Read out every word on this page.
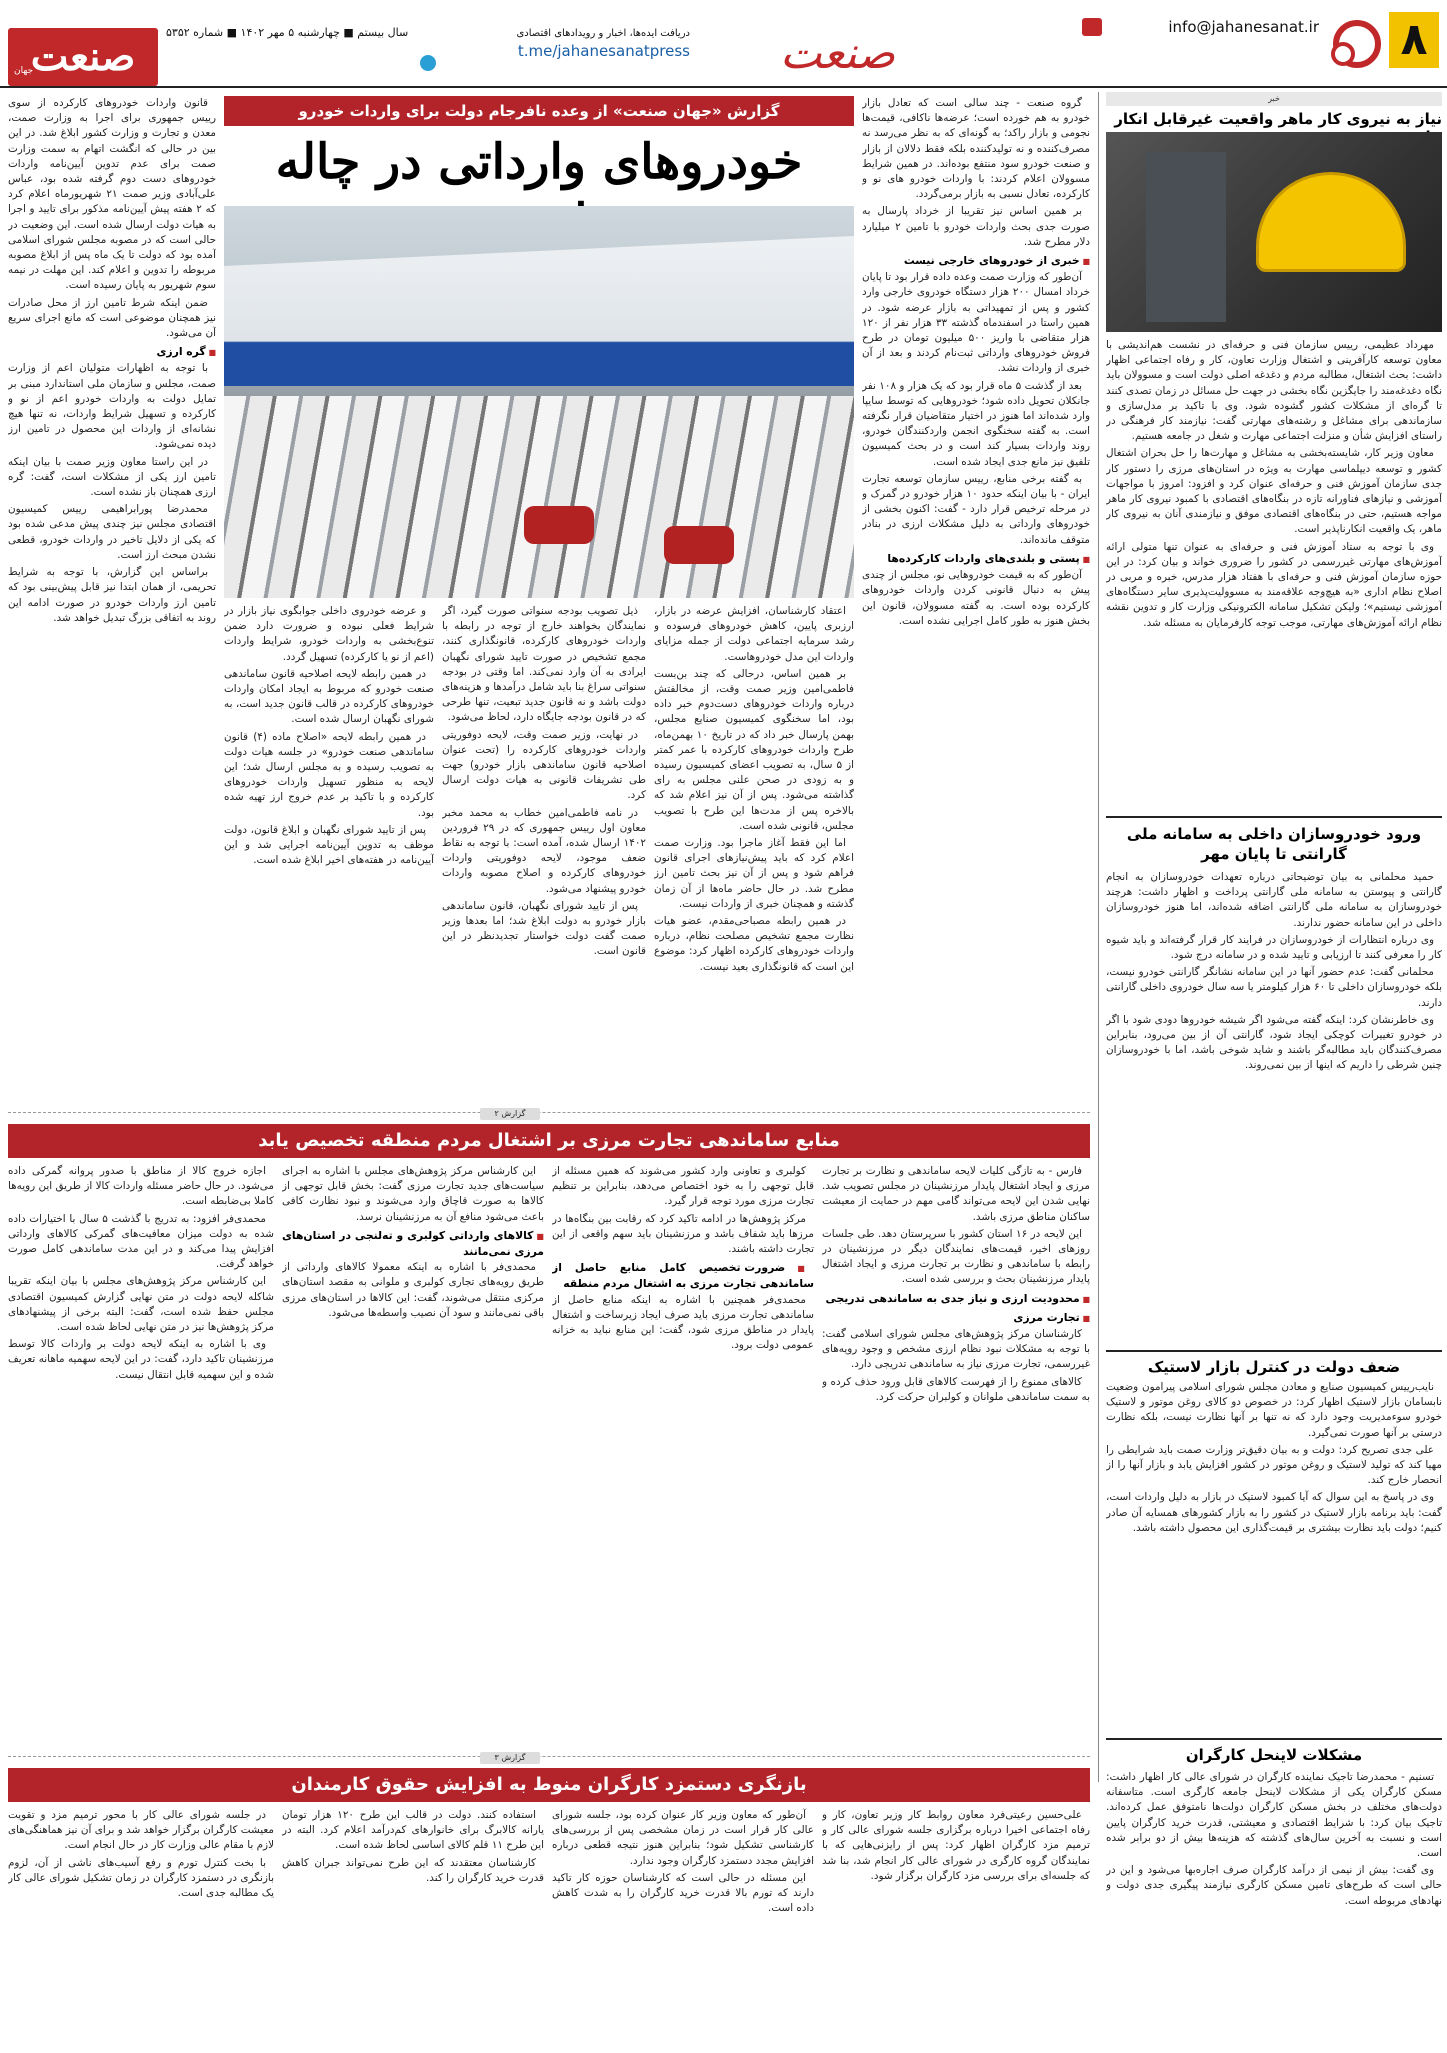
۸
info@jahanesanat.ir
صنعت
دریافت ایده‌ها، اخبار و رویدادهای اقتصادی
t.me/jahanesanatpress
سال بیستم ■ چهارشنبه ۵ مهر ۱۴۰۲ ■ شماره ۵۳۵۲
صنعت
جهان
خبر
نیاز به نیروی کار ماهر واقعیت غیرقابل انکار

مهرداد عظیمی، رییس سازمان فنی و حرفه‌ای در نشست هم‌اندیشی با معاون توسعه کارآفرینی و اشتغال وزارت تعاون، کار و رفاه اجتماعی اظهار داشت: بحث اشتغال، مطالبه مردم و دغدغه اصلی دولت است و مسوولان باید نگاه دغدغه‌مند را جایگزین نگاه بخشی در جهت حل مسائل در زمان تصدی کنند تا گره‌ای از مشکلات کشور گشوده شود. وی با تاکید بر مدل‌سازی و سازماندهی برای مشاغل و رشته‌های مهارتی گفت: نیازمند کار فرهنگی در راستای افزایش شأن و منزلت اجتماعی مهارت و شغل در جامعه هستیم.

معاون وزیر کار، شایسته‌بخشی به مشاغل و مهارت‌ها را حل بحران اشتغال کشور و توسعه دیپلماسی مهارت به ویژه در استان‌های مرزی را دستور کار جدی سازمان آموزش فنی و حرفه‌ای عنوان کرد و افزود: امروز با مواجهات آموزشی و نیازهای فناورانه تازه در بنگاه‌های اقتصادی با کمبود نیروی کار ماهر مواجه هستیم، حتی در بنگاه‌های اقتصادی موفق و نیازمندی آنان به نیروی کار ماهر، یک واقعیت انکارناپذیر است.

وی با توجه به ستاد آموزش فنی و حرفه‌ای به عنوان تنها متولی ارائه آموزش‌های مهارتی غیررسمی در کشور را ضروری خواند و بیان کرد: در این حوزه سازمان آموزش فنی و حرفه‌ای با هفتاد هزار مدرس، خبره و مربی در اصلاح نظام اداری «به هیچ‌وجه علاقه‌مند به مسوولیت‌پذیری سایر دستگاه‌های آموزشی نیستیم»؛ ولیکن تشکیل سامانه الکترونیکی وزارت کار و تدوین نقشه نظام ارائه آموزش‌های مهارتی، موجب توجه کارفرمایان به مسئله شد.

ورود خودروسازان داخلی به سامانه ملی گارانتی تا پایان مهر

حمید محلمانی به بیان توضیحاتی درباره تعهدات خودروسازان به انجام گارانتی و پیوستن به سامانه ملی گارانتی پرداخت و اظهار داشت: هرچند خودروسازان به سامانه ملی گارانتی اضافه شده‌اند، اما هنوز خودروسازان داخلی در این سامانه حضور ندارند.

وی درباره انتظارات از خودروسازان در فرایند کار قرار گرفته‌اند و باید شیوه کار را معرفی کنند تا ارزیابی و تایید شده و در سامانه درج شود.

محلمانی گفت: عدم حضور آنها در این سامانه نشانگر گارانتی خودرو نیست، بلکه خودروسازان داخلی تا ۶۰ هزار کیلومتر یا سه سال خودروی داخلی گارانتی دارند.

وی خاطرنشان کرد: اینکه گفته می‌شود اگر شیشه خودروها دودی شود با اگر در خودرو تغییرات کوچکی ایجاد شود، گارانتی آن از بین می‌رود، بنابراین مصرف‌کنندگان باید مطالبه‌گر باشند و شاید شوخی باشد، اما با خودروسازان چنین شرطی را داریم که اینها از بین نمی‌روند.

ضعف دولت در کنترل بازار لاستیک

نایب‌رییس کمیسیون صنایع و معادن مجلس شورای اسلامی پیرامون وضعیت نابسامان بازار لاستیک اظهار کرد: در خصوص دو کالای روغن موتور و لاستیک خودرو سوءمدیریت وجود دارد که نه تنها بر آنها نظارت نیست، بلکه نظارت درستی بر آنها صورت نمی‌گیرد.

علی جدی تصریح کرد: دولت و به بیان دقیق‌تر وزارت صمت باید شرایطی را مهیا کند که تولید لاستیک و روغن موتور در کشور افزایش یابد و بازار آنها را از انحصار خارج کند.

وی در پاسخ به این سوال که آیا کمبود لاستیک در بازار به دلیل واردات است، گفت: باید برنامه بازار لاستیک در کشور را به بازار کشورهای همسایه آن صادر کنیم؛ دولت باید نظارت بیشتری بر قیمت‌گذاری این محصول داشته باشد.

مشکلات لاینحل کارگران

تسنیم - محمدرضا تاجیک نماینده کارگران در شورای عالی کار اظهار داشت: مسکن کارگران یکی از مشکلات لاینحل جامعه کارگری است. متاسفانه دولت‌های مختلف در بخش مسکن کارگران دولت‌ها نامتوفق عمل کرده‌اند. تاجیک بیان کرد: با شرایط اقتصادی و معیشتی، قدرت خرید کارگران پایین است و نسبت به آخرین سال‌های گذشته که هزینه‌ها بیش از دو برابر شده است.

وی گفت: بیش از نیمی از درآمد کارگران صرف اجاره‌بها می‌شود و این در حالی است که طرح‌های تامین مسکن کارگری نیازمند پیگیری جدی دولت و نهادهای مربوطه است.

گزارش «جهان صنعت» از وعده نافرجام دولت برای واردات خودرو
خودروهای وارداتی در چاله

گروه صنعت - چند سالی است که تعادل بازار خودرو به هم خورده است؛ عرضه‌ها ناکافی، قیمت‌ها نجومی و بازار راکد؛ به گونه‌ای که به نظر می‌رسد نه مصرف‌کننده و نه تولیدکننده بلکه فقط دلالان از بازار و صنعت خودرو سود منتفع بوده‌اند. در همین شرایط مسوولان اعلام کردند: با واردات خودرو های نو و کارکرده، تعادل نسبی به بازار برمی‌گردد.

بر همین اساس نیز تقریبا از خرداد پارسال به صورت جدی بحث واردات خودرو با تامین ۲ میلیارد دلار مطرح شد.

■ خبری از خودروهای خارجی نیست

آن‌طور که وزارت صمت وعده داده قرار بود تا پایان خرداد امسال ۲۰۰ هزار دستگاه خودروی خارجی وارد کشور و پس از تمهیداتی به بازار عرضه شود. در همین راستا در اسفندماه گذشته ۳۳ هزار نفر از ۱۲۰ هزار متقاضی با واریز ۵۰۰ میلیون تومان در طرح فروش خودروهای وارداتی ثبت‌نام کردند و بعد از آن خبری از واردات نشد.

بعد از گذشت ۵ ماه قرار بود که یک هزار و ۱۰۸ نفر جانکلان تحویل داده شود؛ خودروهایی که توسط سایپا وارد شده‌اند اما هنوز در اختیار متقاضیان قرار نگرفته است. به گفته سخنگوی انجمن واردکنندگان خودرو، روند واردات بسیار کند است و در بحث کمیسیون تلفیق نیز مانع جدی ایجاد شده است.

به گفته برخی منابع، رییس سازمان توسعه تجارت ایران - با بیان اینکه حدود ۱۰ هزار خودرو در گمرک و در مرحله ترخیص قرار دارد - گفت: اکنون بخشی از خودروهای وارداتی به دلیل مشکلات ارزی در بنادر متوقف مانده‌اند.

■ پستی و بلندی‌های واردات کارکرده‌ها

آن‌طور که به قیمت خودروهایی نو، مجلس از چندی پیش به دنبال قانونی کردن واردات خودروهای کارکرده بوده است. به گفته مسوولان، قانون این بخش هنوز به طور کامل اجرایی نشده است.

اعتقاد کارشناسان، افزایش عرضه در بازار، ارزبری پایین، کاهش خودروهای فرسوده و رشد سرمایه اجتماعی دولت از جمله مزایای واردات این مدل خودروهاست.

بر همین اساس، درحالی که چند بن‌بست فاطمی‌امین وزیر صمت وقت، از مخالفتش درباره واردات خودروهای دست‌دوم خبر داده بود، اما سخنگوی کمیسیون صنایع مجلس، بهمن پارسال خبر داد که در تاریخ ۱۰ بهمن‌ماه، طرح واردات خودروهای کارکرده با عمر کمتر از ۵ سال، به تصویب اعضای کمیسیون رسیده و به زودی در صحن علنی مجلس به رای گذاشته می‌شود. پس از آن نیز اعلام شد که بالاخره پس از مدت‌ها این طرح با تصویب مجلس، قانونی شده است.

اما این فقط آغاز ماجرا بود. وزارت صمت اعلام کرد که باید پیش‌نیازهای اجرای قانون فراهم شود و پس از آن نیز بحث تامین ارز مطرح شد. در حال حاضر ماه‌ها از آن زمان گذشته و همچنان خبری از واردات نیست.

در همین رابطه مصباحی‌مقدم، عضو هیات نظارت مجمع تشخیص مصلحت نظام، درباره واردات خودروهای کارکرده اظهار کرد: موضوع این است که قانونگذاری بعید نیست.

ذیل تصویب بودجه سنواتی صورت گیرد، اگر نمایندگان بخواهند خارج از توجه در رابطه با واردات خودروهای کارکرده، قانونگذاری کنند، مجمع تشخیص در صورت تایید شورای نگهبان ایرادی به آن وارد نمی‌کند. اما وقتی در بودجه سنواتی سراغ بنا باید شامل درآمدها و هزینه‌های دولت باشد و نه قانون جدید تبعیت، تنها طرحی که در قانون بودجه جایگاه دارد، لحاظ می‌شود.

در نهایت، وزیر صمت وقت، لایحه دوفوریتی واردات خودروهای کارکرده را (تحت عنوان اصلاحیه قانون ساماندهی بازار خودرو) جهت طی تشریفات قانونی به هیات دولت ارسال کرد.

در نامه فاطمی‌امین خطاب به محمد مخبر معاون اول رییس جمهوری که در ۲۹ فروردین ۱۴۰۲ ارسال شده، آمده است: با توجه به نقاط ضعف موجود، لایحه دوفوریتی واردات خودروهای کارکرده و اصلاح مصوبه واردات خودرو پیشنهاد می‌شود.

پس از تایید شورای نگهبان، قانون ساماندهی بازار خودرو به دولت ابلاغ شد؛ اما بعدها وزیر صمت گفت دولت خواستار تجدیدنظر در این قانون است.

و عرضه خودروی داخلی جوابگوی نیاز بازار در شرایط فعلی نبوده و ضرورت دارد ضمن تنوع‌بخشی به واردات خودرو، شرایط واردات (اعم از نو یا کارکرده) تسهیل گردد.

در همین رابطه لایحه اصلاحیه قانون ساماندهی صنعت خودرو که مربوط به ایجاد امکان واردات خودروهای کارکرده در قالب قانون جدید است، به شورای نگهبان ارسال شده است.

در همین رابطه لایحه «اصلاح ماده (۴) قانون ساماندهی صنعت خودرو» در جلسه هیات دولت به تصویب رسیده و به مجلس ارسال شد؛ این لایحه به منظور تسهیل واردات خودروهای کارکرده و با تاکید بر عدم خروج ارز تهیه شده بود.

پس از تایید شورای نگهبان و ابلاغ قانون، دولت موظف به تدوین آیین‌نامه اجرایی شد و این آیین‌نامه در هفته‌های اخیر ابلاغ شده است.

قانون واردات خودروهای کارکرده از سوی رییس جمهوری برای اجرا به وزارت صمت، معدن و تجارت و وزارت کشور ابلاغ شد. در این بین در حالی که انگشت اتهام به سمت وزارت صمت برای عدم تدوین آیین‌نامه واردات خودروهای دست دوم گرفته شده بود، عباس علی‌آبادی وزیر صمت ۲۱ شهریورماه اعلام کرد که ۲ هفته پیش آیین‌نامه مذکور برای تایید و اجرا به هیات دولت ارسال شده است. این وضعیت در حالی است که در مصوبه مجلس شورای اسلامی آمده بود که دولت تا یک ماه پس از ابلاغ مصوبه مربوطه را تدوین و اعلام کند. این مهلت در نیمه سوم شهریور به پایان رسیده است.

ضمن اینکه شرط تامین ارز از محل صادرات نیز همچنان موضوعی است که مانع اجرای سریع آن می‌شود.

■ گره ارزی

با توجه به اظهارات متولیان اعم از وزارت صمت، مجلس و سازمان ملی استاندارد مبنی بر تمایل دولت به واردات خودرو اعم از نو و کارکرده و تسهیل شرایط واردات، نه تنها هیچ نشانه‌ای از واردات این محصول در تامین ارز دیده نمی‌شود.

در این راستا معاون وزیر صمت با بیان اینکه تامین ارز یکی از مشکلات است، گفت: گره ارزی همچنان باز نشده است.

محمدرضا پورابراهیمی رییس کمیسیون اقتصادی مجلس نیز چندی پیش مدعی شده بود که یکی از دلایل تاخیر در واردات خودرو، قطعی نشدن مبحث ارز است.

براساس این گزارش، با توجه به شرایط تحریمی، از همان ابتدا نیز قابل پیش‌بینی بود که تامین ارز واردات خودرو در صورت ادامه این روند به اتفاقی بزرگ تبدیل خواهد شد.

گزارش ۲
منابع ساماندهی تجارت مرزی بر اشتغال مردم منطقه تخصیص یابد

فارس - به تازگی کلیات لایحه ساماندهی و نظارت بر تجارت مرزی و ایجاد اشتغال پایدار مرزنشینان در مجلس تصویب شد. نهایی شدن این لایحه می‌تواند گامی مهم در حمایت از معیشت ساکنان مناطق مرزی باشد.

این لایحه در ۱۶ استان کشور با سرپرستان دهد. طی جلسات روزهای اخیر، قیمت‌های نمایندگان دیگر در مرزنشینان در رابطه با ساماندهی و نظارت بر تجارت مرزی و ایجاد اشتغال پایدار مرزنشینان بحث و بررسی شده است.

■ محدودیت ارزی و نیاز جدی به ساماندهی تدریجی
■ تجارت مرزی

کارشناسان مرکز پژوهش‌های مجلس شورای اسلامی گفت: با توجه به مشکلات نبود نظام ارزی مشخص و وجود رویه‌های غیررسمی، تجارت مرزی نیاز به ساماندهی تدریجی دارد.

کالاهای ممنوع را از فهرست کالاهای قابل ورود حذف کرده و به سمت ساماندهی ملوانان و کولبران حرکت کرد.

کولبری و تعاونی وارد کشور می‌شوند که همین مسئله از قابل توجهی را به خود اختصاص می‌دهد، بنابراین بر تنظیم تجارت مرزی مورد توجه قرار گیرد.

مرکز پژوهش‌ها در ادامه تاکید کرد که رقابت بین بنگاه‌ها در مرزها باید شفاف باشد و مرزنشینان باید سهم واقعی از این تجارت داشته باشند.

■ ضرورت تخصیص کامل منابع حاصل از ساماندهی تجارت مرزی به اشتغال مردم منطقه

محمدی‌فر همچنین با اشاره به اینکه منابع حاصل از ساماندهی تجارت مرزی باید صرف ایجاد زیرساخت و اشتغال پایدار در مناطق مرزی شود، گفت: این منابع نباید به خزانه عمومی دولت برود.

این کارشناس مرکز پژوهش‌های مجلس با اشاره به اجرای سیاست‌های جدید تجارت مرزی گفت: بخش قابل توجهی از کالاها به صورت قاچاق وارد می‌شوند و نبود نظارت کافی باعث می‌شود منافع آن به مرزنشینان نرسد.

■ کالاهای وارداتی کولبری و ته‌لنجی در استان‌های مرزی نمی‌مانند

محمدی‌فر با اشاره به اینکه معمولا کالاهای وارداتی از طریق رویه‌های تجاری کولبری و ملوانی به مقصد استان‌های مرکزی منتقل می‌شوند، گفت: این کالاها در استان‌های مرزی باقی نمی‌مانند و سود آن نصیب واسطه‌ها می‌شود.

اجازه خروج کالا از مناطق با صدور پروانه گمرکی داده می‌شود. در حال حاضر مسئله واردات کالا از طریق این رویه‌ها کاملا بی‌ضابطه است.

محمدی‌فر افزود: به تدریج با گذشت ۵ سال با اختیارات داده شده به دولت میزان معافیت‌های گمرکی کالاهای وارداتی افزایش پیدا می‌کند و در این مدت ساماندهی کامل صورت خواهد گرفت.

این کارشناس مرکز پژوهش‌های مجلس با بیان اینکه تقریبا شاکله لایحه دولت در متن نهایی گزارش کمیسیون اقتصادی مجلس حفظ شده است، گفت: البته برخی از پیشنهادهای مرکز پژوهش‌ها نیز در متن نهایی لحاظ شده است.

وی با اشاره به اینکه لایحه دولت بر واردات کالا توسط مرزنشینان تاکید دارد، گفت: در این لایحه سهمیه ماهانه تعریف شده و این سهمیه قابل انتقال نیست.

گزارش ۳
بازنگری دستمزد کارگران منوط به افزایش حقوق کارمندان

علی‌حسین رعیتی‌فرد معاون روابط کار وزیر تعاون، کار و رفاه اجتماعی اخیرا درباره برگزاری جلسه شورای عالی کار و ترمیم مزد کارگران اظهار کرد: پس از رایزنی‌هایی که با نمایندگان گروه کارگری در شورای عالی کار انجام شد، بنا شد که جلسه‌ای برای بررسی مزد کارگران برگزار شود.

آن‌طور که معاون وزیر کار عنوان کرده بود، جلسه شورای عالی کار قرار است در زمان مشخصی پس از بررسی‌های کارشناسی تشکیل شود؛ بنابراین هنوز نتیجه قطعی درباره افزایش مجدد دستمزد کارگران وجود ندارد.

این مسئله در حالی است که کارشناسان حوزه کار تاکید دارند که تورم بالا قدرت خرید کارگران را به شدت کاهش داده است.

استفاده کنند. دولت در قالب این طرح ۱۲۰ هزار تومان یارانه کالابرگ برای خانوارهای کم‌درآمد اعلام کرد. البته در این طرح ۱۱ قلم کالای اساسی لحاظ شده است.

کارشناسان معتقدند که این طرح نمی‌تواند جبران کاهش قدرت خرید کارگران را کند.

در جلسه شورای عالی کار با محور ترمیم مزد و تقویت معیشت کارگران برگزار خواهد شد و برای آن نیز هماهنگی‌های لازم با مقام عالی وزارت کار در حال انجام است.

با بخت کنترل تورم و رفع آسیب‌های ناشی از آن، لزوم بازنگری در دستمزد کارگران در زمان تشکیل شورای عالی کار یک مطالبه جدی است.
